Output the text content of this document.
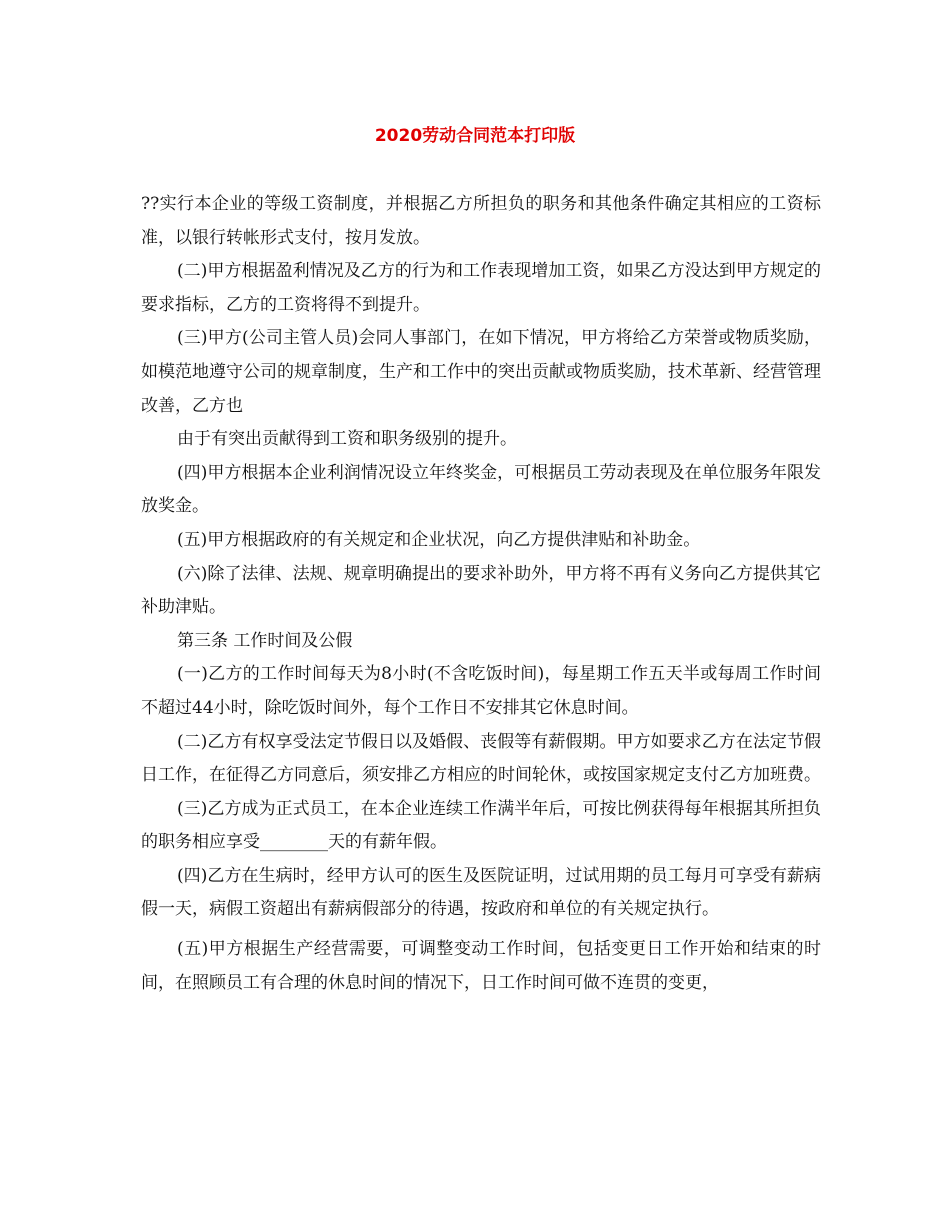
2020劳动合同范本打印版

??实行本企业的等级工资制度，并根据乙方所担负的职务和其他条件确定其相应的工资标准，以银行转帐形式支付，按月发放。

(二)甲方根据盈利情况及乙方的行为和工作表现增加工资，如果乙方没达到甲方规定的要求指标，乙方的工资将得不到提升。

(三)甲方(公司主管人员)会同人事部门，在如下情况，甲方将给乙方荣誉或物质奖励，如模范地遵守公司的规章制度，生产和工作中的突出贡献或物质奖励，技术革新、经营管理改善，乙方也

由于有突出贡献得到工资和职务级别的提升。

(四)甲方根据本企业利润情况设立年终奖金，可根据员工劳动表现及在单位服务年限发放奖金。

(五)甲方根据政府的有关规定和企业状况，向乙方提供津贴和补助金。

(六)除了法律、法规、规章明确提出的要求补助外，甲方将不再有义务向乙方提供其它补助津贴。

第三条 工作时间及公假

(一)乙方的工作时间每天为8小时(不含吃饭时间)，每星期工作五天半或每周工作时间不超过44小时，除吃饭时间外，每个工作日不安排其它休息时间。

(二)乙方有权享受法定节假日以及婚假、丧假等有薪假期。甲方如要求乙方在法定节假日工作，在征得乙方同意后，须安排乙方相应的时间轮休，或按国家规定支付乙方加班费。

(三)乙方成为正式员工，在本企业连续工作满半年后，可按比例获得每年根据其所担负的职务相应享受________天的有薪年假。

(四)乙方在生病时，经甲方认可的医生及医院证明，过试用期的员工每月可享受有薪病假一天，病假工资超出有薪病假部分的待遇，按政府和单位的有关规定执行。

(五)甲方根据生产经营需要，可调整变动工作时间，包括变更日工作开始和结束的时间，在照顾员工有合理的休息时间的情况下，日工作时间可做不连贯的变更，
